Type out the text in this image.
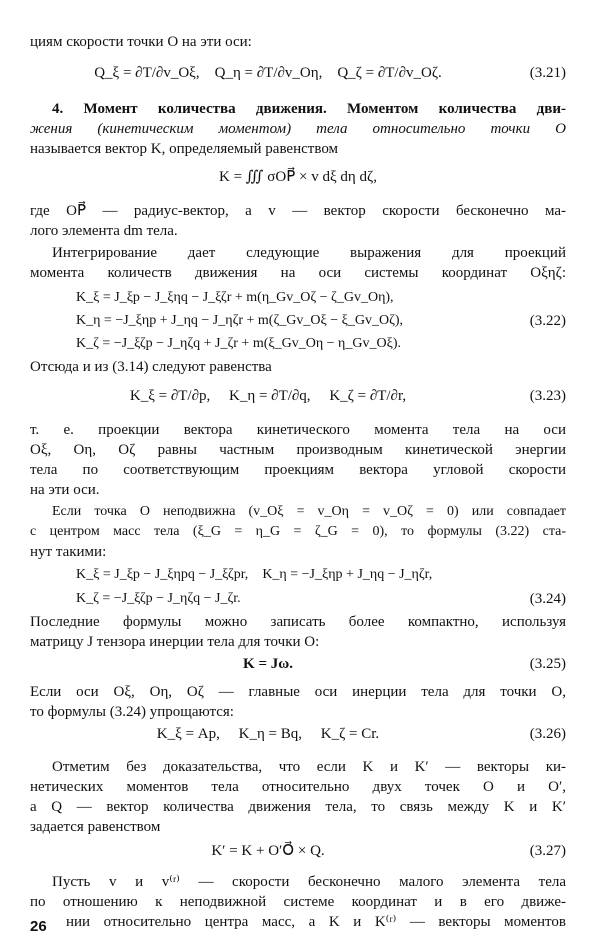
циям скорости точки O на эти оси:
Q_ξ = ∂T/∂v_Oξ, Q_η = ∂T/∂v_Oη, Q_ζ = ∂T/∂v_Oζ.	(3.21)
4. Момент количества движения. Моментом количества дви-
жения (кинетическим моментом) тела относительно точки O
называется вектор K, определяемый равенством
K = ∭ σOP⃗ × v dξ dη dζ,
где OP⃗ — радиус-вектор, а v — вектор скорости бесконечно ма-
лого элемента dm тела.
Интегрирование дает следующие выражения для проекций
момента количеств движения на оси системы координат Oξηζ:
K_ξ = J_ξp − J_ξηq − J_ξζr + m(η_Gv_Oζ − ζ_Gv_Oη),
K_η = −J_ξηp + J_ηq − J_ηζr + m(ζ_Gv_Oξ − ξ_Gv_Oζ),	(3.22)
K_ζ = −J_ξζp − J_ηζq + J_ζr + m(ξ_Gv_Oη − η_Gv_Oξ).
Отсюда и из (3.14) следуют равенства
K_ξ = ∂T/∂p, K_η = ∂T/∂q, K_ζ = ∂T/∂r,	(3.23)
т. е. проекции вектора кинетического момента тела на оси
Oξ, Oη, Oζ равны частным производным кинетической энергии
тела по соответствующим проекциям вектора угловой скорости
на эти оси.
Если точка O неподвижна (v_Oξ = v_Oη = v_Oζ = 0) или совпадает
с центром масс тела (ξ_G = η_G = ζ_G = 0), то формулы (3.22) ста-
нут такими:
K_ξ = J_ξp − J_ξηpq − J_ξζpr, K_η = −J_ξηp + J_ηq − J_ηζr,
K_ζ = −J_ξζp − J_ηζq − J_ζr.	(3.24)
Последние формулы можно записать более компактно, используя
матрицу J тензора инерции тела для точки O:
K = Jω.	(3.25)
Если оси Oξ, Oη, Oζ — главные оси инерции тела для точки O,
то формулы (3.24) упрощаются:
K_ξ = Ap,     K_η = Bq,     K_ζ = Cr.	(3.26)
Отметим без доказательства, что если K и K′ — векторы ки-
нетических моментов тела относительно двух точек O и O′,
a Q — вектор количества движения тела, то связь между K и K′
задается равенством
K′ = K + O′O⃗ × Q.	(3.27)
Пусть v и v⁽ʳ⁾ — скорости бесконечно малого элемента тела
по отношению к неподвижной системе координат и в его движе-
нии относительно центра масс, а K и K⁽ʳ⁾ — векторы моментов
26
